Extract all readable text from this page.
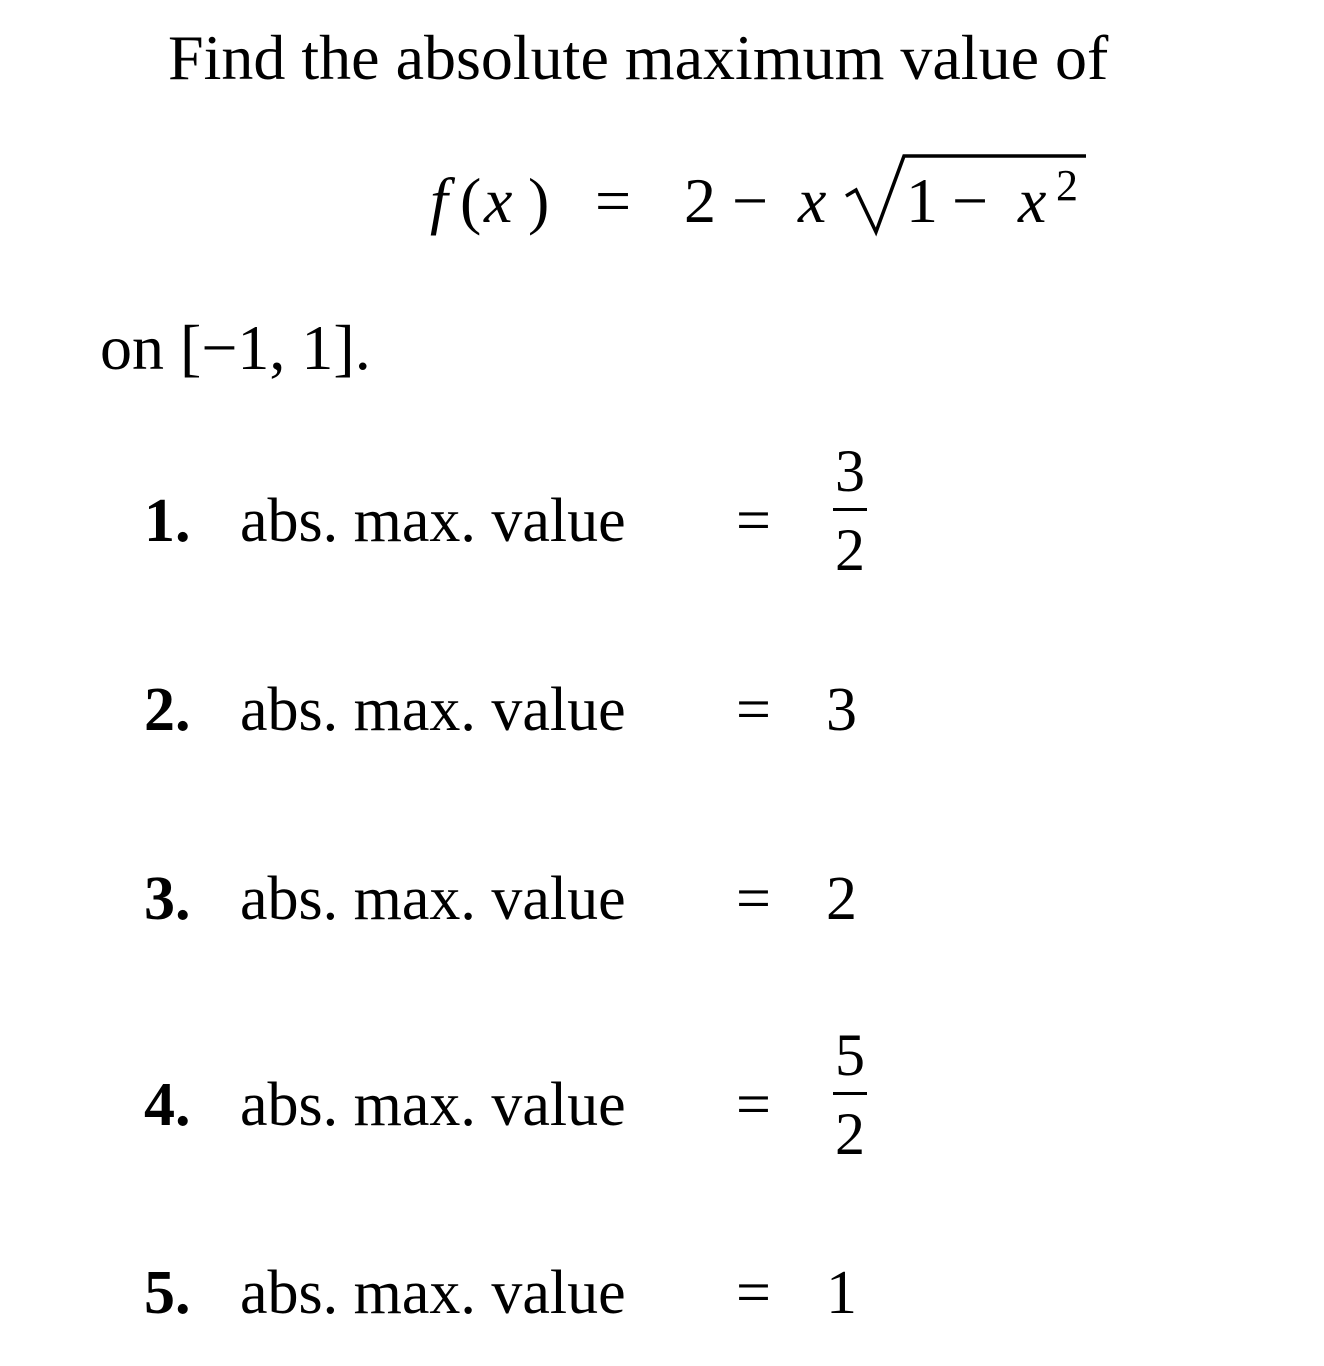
Find the absolute maximum value of
f ( x ) = 2 − x 1 − x 2
on [−1, 1].
1. abs. max. value =
3
2
2. abs. max. value = 3
3. abs. max. value = 2
4. abs. max. value =
5
2
5. abs. max. value = 1
